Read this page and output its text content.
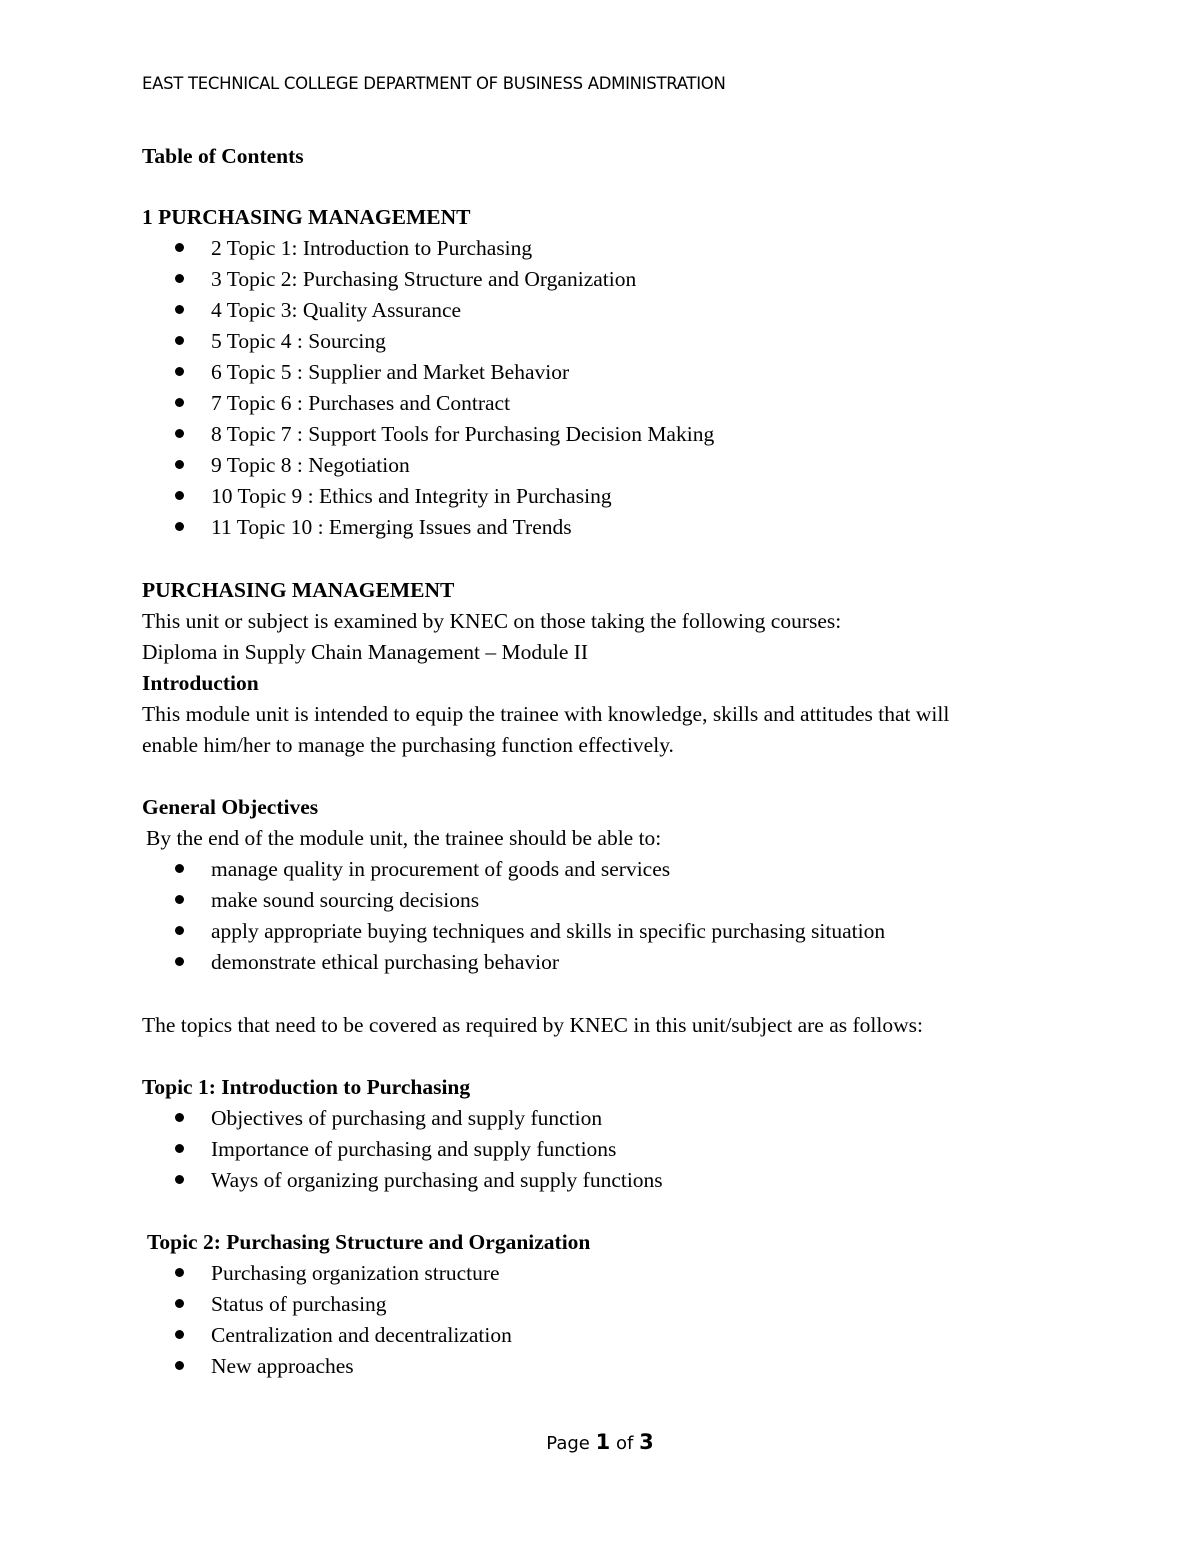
EAST TECHNICAL COLLEGE DEPARTMENT OF BUSINESS ADMINISTRATION
Table of Contents
1 PURCHASING MANAGEMENT
2 Topic 1: Introduction to Purchasing
3 Topic 2: Purchasing Structure and Organization
4 Topic 3: Quality Assurance
5 Topic 4 : Sourcing
6 Topic 5 : Supplier and Market Behavior
7 Topic 6 : Purchases and Contract
8 Topic 7 : Support Tools for Purchasing Decision Making
9 Topic 8 : Negotiation
10 Topic 9 : Ethics and Integrity in Purchasing
11 Topic 10 : Emerging Issues and Trends
PURCHASING MANAGEMENT
This unit or subject is examined by KNEC on those taking the following courses:
Diploma in Supply Chain Management – Module II
Introduction
This module unit is intended to equip the trainee with knowledge, skills and attitudes that will
enable him/her to manage the purchasing function effectively.
General Objectives
By the end of the module unit, the trainee should be able to:
manage quality in procurement of goods and services
make sound sourcing decisions
apply appropriate buying techniques and skills in specific purchasing situation
demonstrate ethical purchasing behavior
The topics that need to be covered as required by KNEC in this unit/subject are as follows:
Topic 1: Introduction to Purchasing
Objectives of purchasing and supply function
Importance of purchasing and supply functions
Ways of organizing purchasing and supply functions
Topic 2: Purchasing Structure and Organization
Purchasing organization structure
Status of purchasing
Centralization and decentralization
New approaches
Page 1 of 3
